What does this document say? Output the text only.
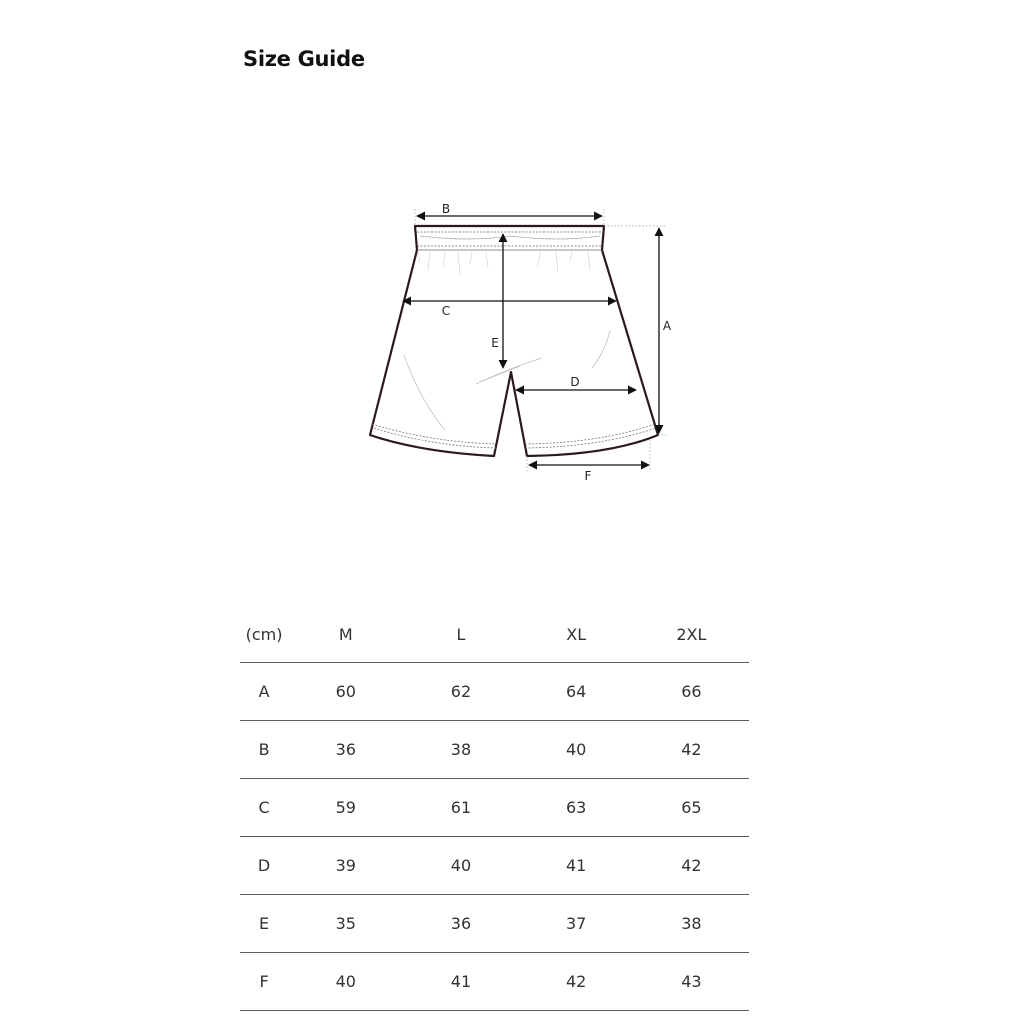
Size Guide
B
A
C
E
D
F
(cm)	M	L	XL	2XL
A	60	62	64	66
B	36	38	40	42
C	59	61	63	65
D	39	40	41	42
E	35	36	37	38
F	40	41	42	43
